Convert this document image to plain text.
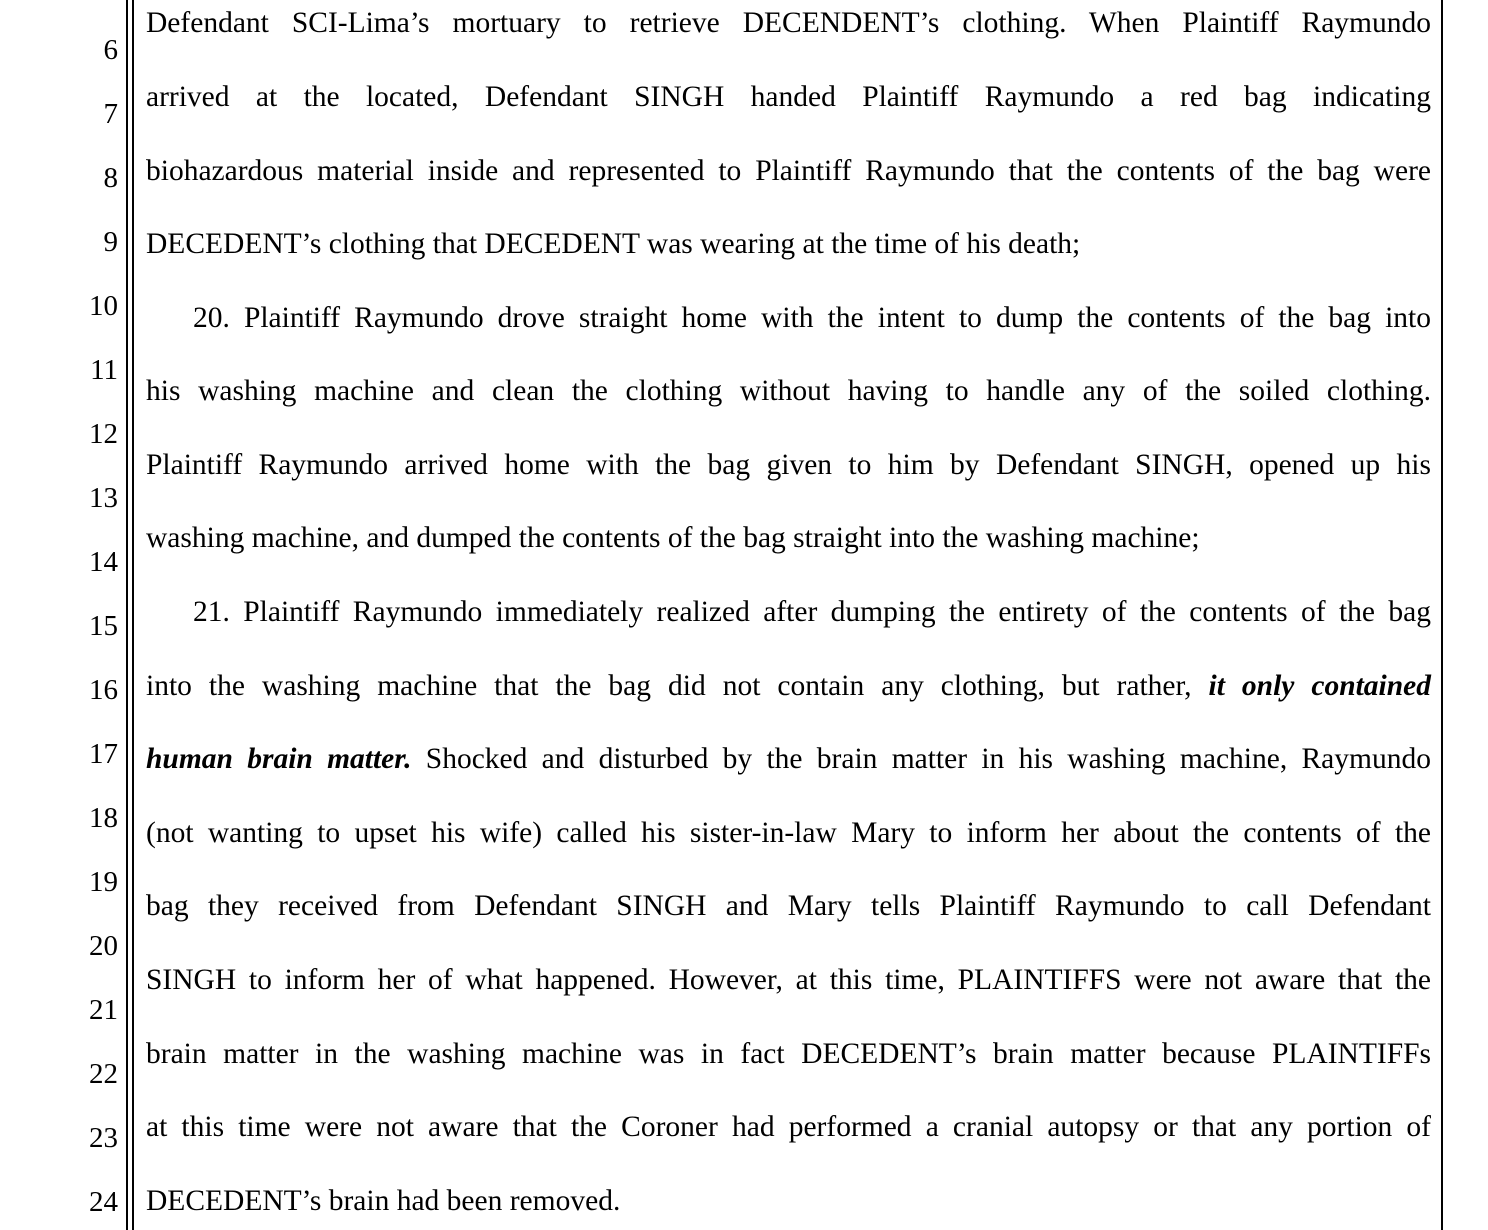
6
7
8
9
10
11
12
13
14
15
16
17
18
19
20
21
22
23
24
Defendant SCI-Lima’s mortuary to retrieve DECENDENT’s clothing. When Plaintiff Raymundo
arrived at the located, Defendant SINGH handed Plaintiff Raymundo a red bag indicating
biohazardous material inside and represented to Plaintiff Raymundo that the contents of the bag were
DECEDENT’s clothing that DECEDENT was wearing at the time of his death;
20. Plaintiff Raymundo drove straight home with the intent to dump the contents of the bag into
his washing machine and clean the clothing without having to handle any of the soiled clothing.
Plaintiff Raymundo arrived home with the bag given to him by Defendant SINGH, opened up his
washing machine, and dumped the contents of the bag straight into the washing machine;
21. Plaintiff Raymundo immediately realized after dumping the entirety of the contents of the bag
into the washing machine that the bag did not contain any clothing, but rather, it only contained
human brain matter. Shocked and disturbed by the brain matter in his washing machine, Raymundo
(not wanting to upset his wife) called his sister-in-law Mary to inform her about the contents of the
bag they received from Defendant SINGH and Mary tells Plaintiff Raymundo to call Defendant
SINGH to inform her of what happened. However, at this time, PLAINTIFFS were not aware that the
brain matter in the washing machine was in fact DECEDENT’s brain matter because PLAINTIFFs
at this time were not aware that the Coroner had performed a cranial autopsy or that any portion of
DECEDENT’s brain had been removed.
